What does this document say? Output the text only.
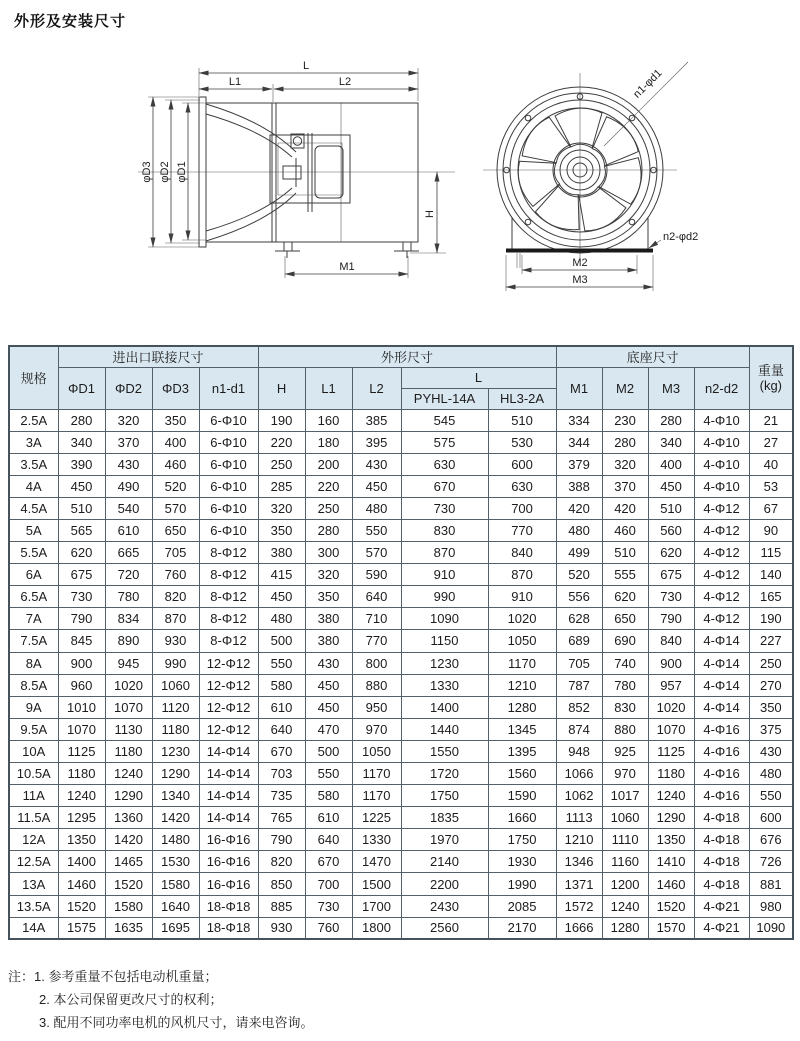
外形及安装尺寸
L
L1	L2
φD3 φD2 φD1
H
M1
n1-φd1
n2-φd2
M2
M3
规格	进出口联接尺寸				外形尺寸					底座尺寸				重量
(kg)

	ΦD1	ΦD2	ΦD3	n1-d1	H	L1	L2	L		M1	M2	M3	n2-d2	
								PYHL-14A	HL3-2A					
2.5A	280	320	350	6-Φ10	190	160	385	545	510	334	230	280	4-Φ10	21
3A	340	370	400	6-Φ10	220	180	395	575	530	344	280	340	4-Φ10	27
3.5A	390	430	460	6-Φ10	250	200	430	630	600	379	320	400	4-Φ10	40
4A	450	490	520	6-Φ10	285	220	450	670	630	388	370	450	4-Φ10	53
4.5A	510	540	570	6-Φ10	320	250	480	730	700	420	420	510	4-Φ12	67
5A	565	610	650	6-Φ10	350	280	550	830	770	480	460	560	4-Φ12	90
5.5A	620	665	705	8-Φ12	380	300	570	870	840	499	510	620	4-Φ12	115
6A	675	720	760	8-Φ12	415	320	590	910	870	520	555	675	4-Φ12	140
6.5A	730	780	820	8-Φ12	450	350	640	990	910	556	620	730	4-Φ12	165
7A	790	834	870	8-Φ12	480	380	710	1090	1020	628	650	790	4-Φ12	190
7.5A	845	890	930	8-Φ12	500	380	770	1150	1050	689	690	840	4-Φ14	227
8A	900	945	990	12-Φ12	550	430	800	1230	1170	705	740	900	4-Φ14	250
8.5A	960	1020	1060	12-Φ12	580	450	880	1330	1210	787	780	957	4-Φ14	270
9A	1010	1070	1120	12-Φ12	610	450	950	1400	1280	852	830	1020	4-Φ14	350
9.5A	1070	1130	1180	12-Φ12	640	470	970	1440	1345	874	880	1070	4-Φ16	375
10A	1125	1180	1230	14-Φ14	670	500	1050	1550	1395	948	925	1125	4-Φ16	430
10.5A	1180	1240	1290	14-Φ14	703	550	1170	1720	1560	1066	970	1180	4-Φ16	480
11A	1240	1290	1340	14-Φ14	735	580	1170	1750	1590	1062	1017	1240	4-Φ16	550
11.5A	1295	1360	1420	14-Φ14	765	610	1225	1835	1660	1113	1060	1290	4-Φ18	600
12A	1350	1420	1480	16-Φ16	790	640	1330	1970	1750	1210	1110	1350	4-Φ18	676
12.5A	1400	1465	1530	16-Φ16	820	670	1470	2140	1930	1346	1160	1410	4-Φ18	726
13A	1460	1520	1580	16-Φ16	850	700	1500	2200	1990	1371	1200	1460	4-Φ18	881
13.5A	1520	1580	1640	18-Φ18	885	730	1700	2430	2085	1572	1240	1520	4-Φ21	980
14A	1575	1635	1695	18-Φ18	930	760	1800	2560	2170	1666	1280	1570	4-Φ21	1090
注：1. 参考重量不包括电动机重量；
2. 本公司保留更改尺寸的权利；
3. 配用不同功率电机的风机尺寸，请来电咨询。
